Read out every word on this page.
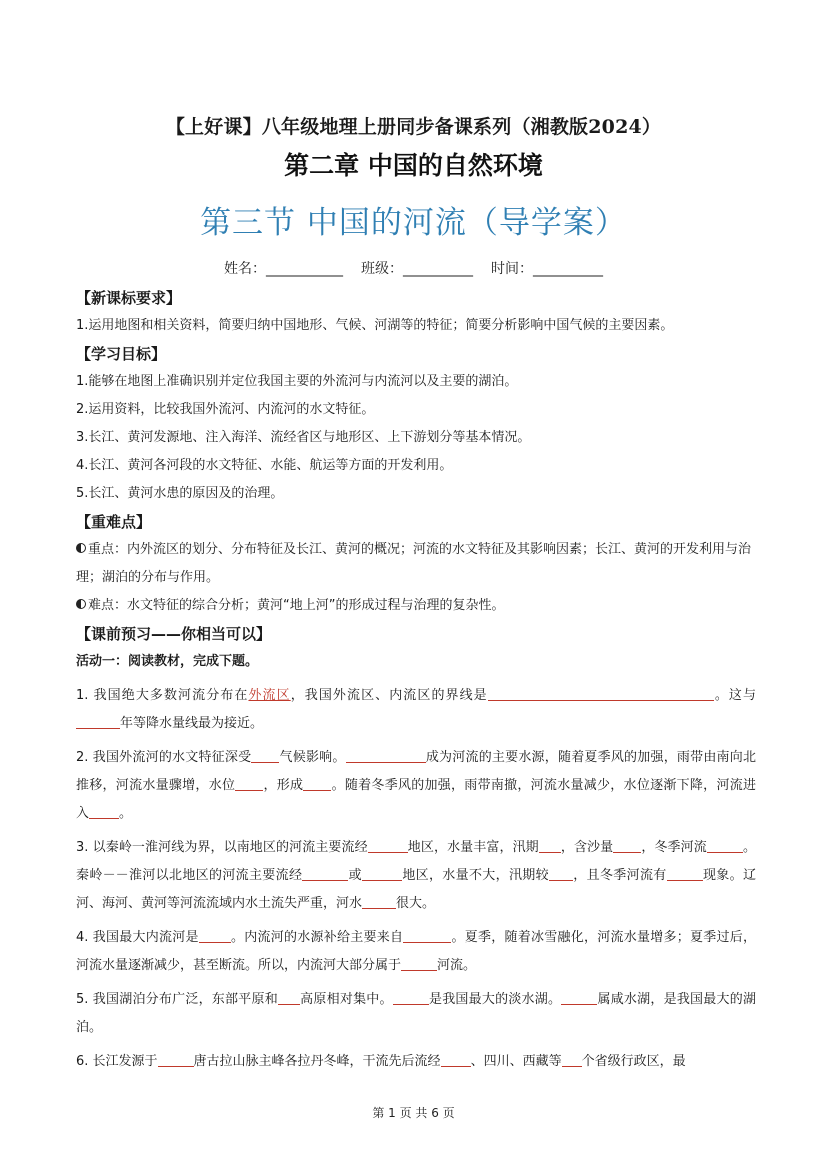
【上好课】八年级地理上册同步备课系列（湘教版2024）
第二章 中国的自然环境
第三节 中国的河流（导学案）
姓名：___________ 班级：__________ 时间：__________
【新课标要求】
1.运用地图和相关资料，简要归纳中国地形、气候、河湖等的特征；简要分析影响中国气候的主要因素。
【学习目标】
1.能够在地图上准确识别并定位我国主要的外流河与内流河以及主要的湖泊。
2.运用资料，比较我国外流河、内流河的水文特征。
3.长江、黄河发源地、注入海洋、流经省区与地形区、上下游划分等基本情况。
4.长江、黄河各河段的水文特征、水能、航运等方面的开发利用。
5.长江、黄河水患的原因及的治理。
【重难点】
重点：内外流区的划分、分布特征及长江、黄河的概况；河流的水文特征及其影响因素；长江、黄河的开发利用与治理；湖泊的分布与作用。
难点：水文特征的综合分析；黄河“地上河”的形成过程与治理的复杂性。
【课前预习——你相当可以】
活动一：阅读教材，完成下题。
1. 我国绝大多数河流分布在外流区，我国外流区、内流区的界线是	。这与年等降水量线最为接近。
2. 我国外流河的水文特征深受 气候影响。	成为河流的主要水源，随着夏季风的加强，雨带由南向北推移，河流水量骤增，水位 ，形成 。随着冬季风的加强，雨带南撤，河流水量减少，水位逐渐下降，河流进入 。
3. 以秦岭一淮河线为界，以南地区的河流主要流经	地区，水量丰富，汛期 ，含沙量 ，冬季河流	。秦岭－－淮河以北地区的河流主要流经	或	地区，水量不大，汛期较 ，且冬季河流有	现象。辽河、海河、黄河等河流流域内水土流失严重，河水	很大。
4. 我国最大内流河是 。内流河的水源补给主要来自	。夏季，随着冰雪融化，河流水量增多；夏季过后，河流水量逐渐减少，甚至断流。所以，内流河大部分属于	河流。
5. 我国湖泊分布广泛，东部平原和 高原相对集中。	是我国最大的淡水湖。	属咸水湖，是我国最大的湖泊。
6. 长江发源于	唐古拉山脉主峰各拉丹冬峰，干流先后流经 、四川、西藏等 个省级行政区，最
第 1 页 共 6 页
